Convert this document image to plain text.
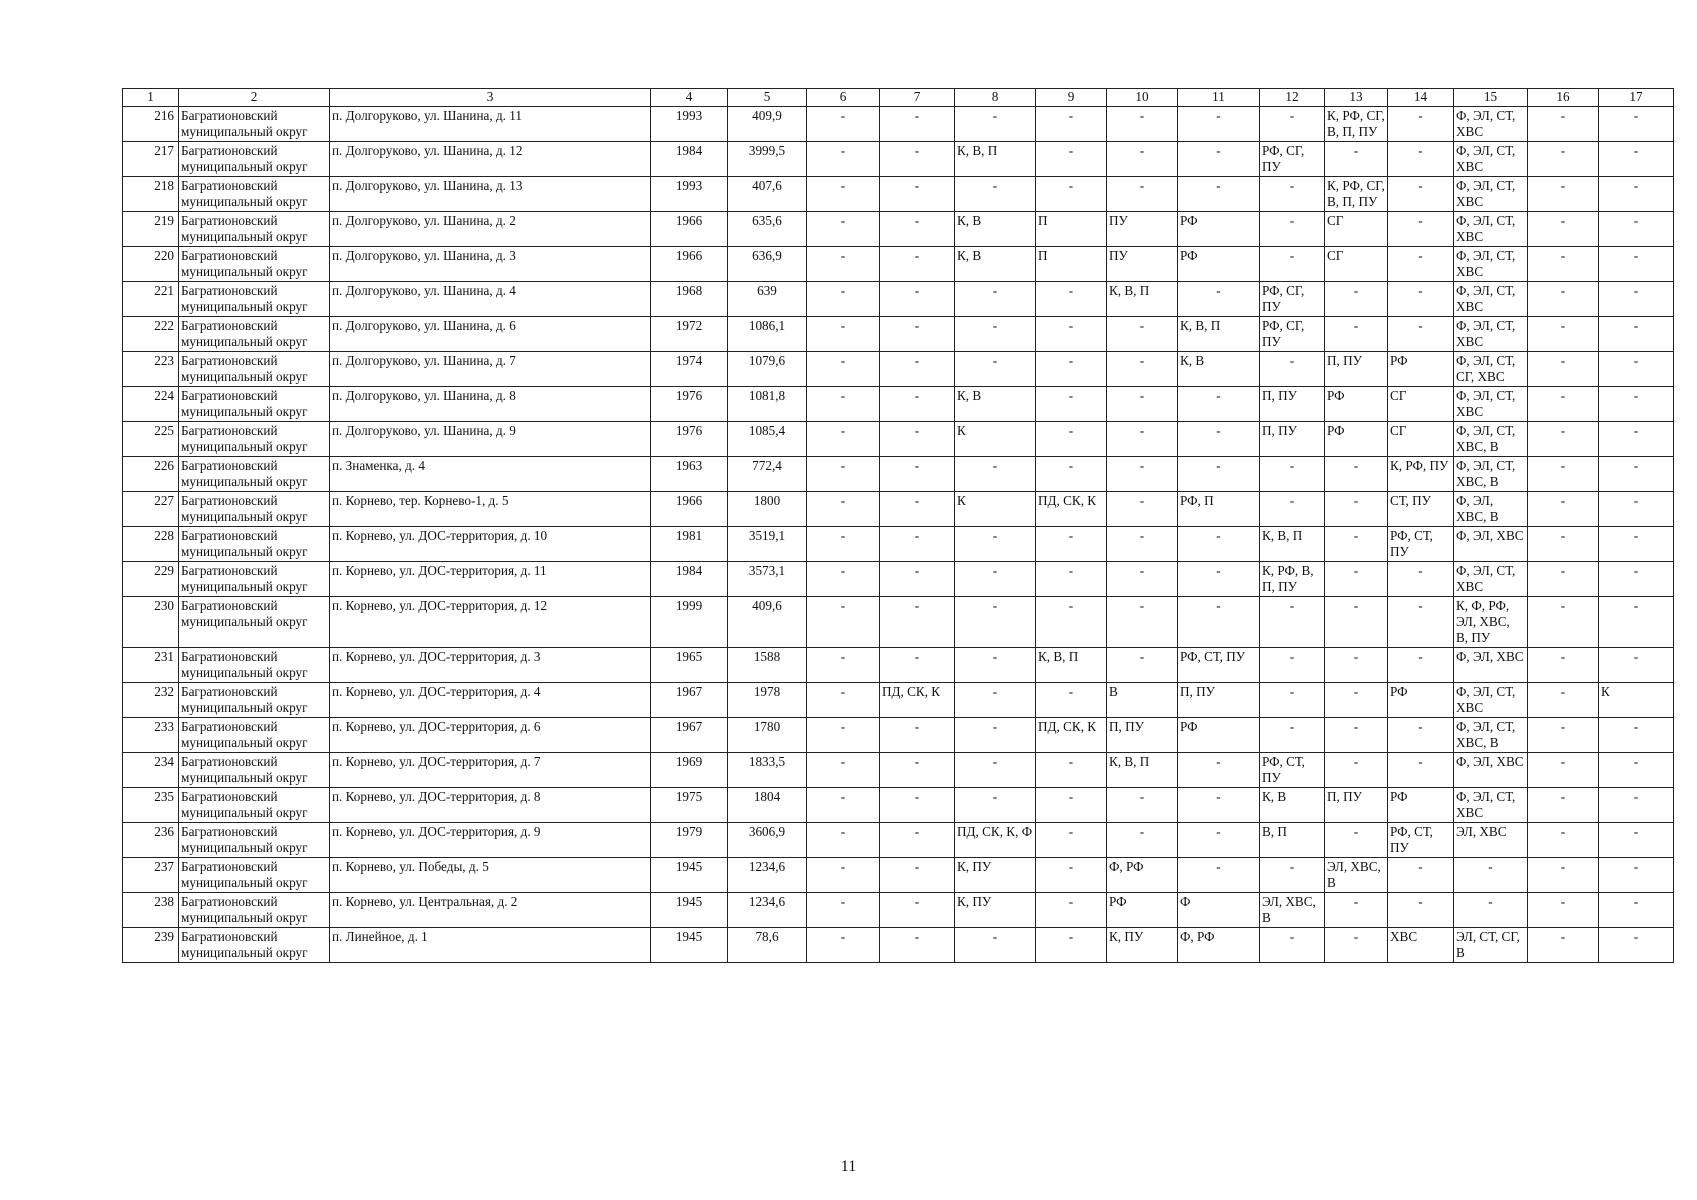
1	2	3	4	5	6	7	8	9	10	11	12	13	14	15	16	17
216	Багратионовский муниципальный округ	п. Долгоруково, ул. Шанина, д. 11	1993	409,9	-	-	-	-	-	-	-	К, РФ, СГ, В, П, ПУ	-	Ф, ЭЛ, СТ, ХВС	-	-
217	Багратионовский муниципальный округ	п. Долгоруково, ул. Шанина, д. 12	1984	3999,5	-	-	К, В, П	-	-	-	РФ, СГ, ПУ	-	-	Ф, ЭЛ, СТ, ХВС	-	-
218	Багратионовский муниципальный округ	п. Долгоруково, ул. Шанина, д. 13	1993	407,6	-	-	-	-	-	-	-	К, РФ, СГ, В, П, ПУ	-	Ф, ЭЛ, СТ, ХВС	-	-
219	Багратионовский муниципальный округ	п. Долгоруково, ул. Шанина, д. 2	1966	635,6	-	-	К, В	П	ПУ	РФ	-	СГ	-	Ф, ЭЛ, СТ, ХВС	-	-
220	Багратионовский муниципальный округ	п. Долгоруково, ул. Шанина, д. 3	1966	636,9	-	-	К, В	П	ПУ	РФ	-	СГ	-	Ф, ЭЛ, СТ, ХВС	-	-
221	Багратионовский муниципальный округ	п. Долгоруково, ул. Шанина, д. 4	1968	639	-	-	-	-	К, В, П	-	РФ, СГ, ПУ	-	-	Ф, ЭЛ, СТ, ХВС	-	-
222	Багратионовский муниципальный округ	п. Долгоруково, ул. Шанина, д. 6	1972	1086,1	-	-	-	-	-	К, В, П	РФ, СГ, ПУ	-	-	Ф, ЭЛ, СТ, ХВС	-	-
223	Багратионовский муниципальный округ	п. Долгоруково, ул. Шанина, д. 7	1974	1079,6	-	-	-	-	-	К, В	-	П, ПУ	РФ	Ф, ЭЛ, СТ, СГ, ХВС	-	-
224	Багратионовский муниципальный округ	п. Долгоруково, ул. Шанина, д. 8	1976	1081,8	-	-	К, В	-	-	-	П, ПУ	РФ	СГ	Ф, ЭЛ, СТ, ХВС	-	-
225	Багратионовский муниципальный округ	п. Долгоруково, ул. Шанина, д. 9	1976	1085,4	-	-	К	-	-	-	П, ПУ	РФ	СГ	Ф, ЭЛ, СТ, ХВС, В	-	-
226	Багратионовский муниципальный округ	п. Знаменка, д. 4	1963	772,4	-	-	-	-	-	-	-	-	К, РФ, ПУ	Ф, ЭЛ, СТ, ХВС, В	-	-
227	Багратионовский муниципальный округ	п. Корнево, тер. Корнево-1, д. 5	1966	1800	-	-	К	ПД, СК, К	-	РФ, П	-	-	СТ, ПУ	Ф, ЭЛ, ХВС, В	-	-
228	Багратионовский муниципальный округ	п. Корнево, ул. ДОС-территория, д. 10	1981	3519,1	-	-	-	-	-	-	К, В, П	-	РФ, СТ, ПУ	Ф, ЭЛ, ХВС	-	-
229	Багратионовский муниципальный округ	п. Корнево, ул. ДОС-территория, д. 11	1984	3573,1	-	-	-	-	-	-	К, РФ, В, П, ПУ	-	-	Ф, ЭЛ, СТ, ХВС	-	-
230	Багратионовский муниципальный округ	п. Корнево, ул. ДОС-территория, д. 12	1999	409,6	-	-	-	-	-	-	-	-	-	К, Ф, РФ, ЭЛ, ХВС, В, ПУ	-	-
231	Багратионовский муниципальный округ	п. Корнево, ул. ДОС-территория, д. 3	1965	1588	-	-	-	К, В, П	-	РФ, СТ, ПУ	-	-	-	Ф, ЭЛ, ХВС	-	-
232	Багратионовский муниципальный округ	п. Корнево, ул. ДОС-территория, д. 4	1967	1978	-	ПД, СК, К	-	-	В	П, ПУ	-	-	РФ	Ф, ЭЛ, СТ, ХВС	-	К
233	Багратионовский муниципальный округ	п. Корнево, ул. ДОС-территория, д. 6	1967	1780	-	-	-	ПД, СК, К	П, ПУ	РФ	-	-	-	Ф, ЭЛ, СТ, ХВС, В	-	-
234	Багратионовский муниципальный округ	п. Корнево, ул. ДОС-территория, д. 7	1969	1833,5	-	-	-	-	К, В, П	-	РФ, СТ, ПУ	-	-	Ф, ЭЛ, ХВС	-	-
235	Багратионовский муниципальный округ	п. Корнево, ул. ДОС-территория, д. 8	1975	1804	-	-	-	-	-	-	К, В	П, ПУ	РФ	Ф, ЭЛ, СТ, ХВС	-	-
236	Багратионовский муниципальный округ	п. Корнево, ул. ДОС-территория, д. 9	1979	3606,9	-	-	ПД, СК, К, Ф	-	-	-	В, П	-	РФ, СТ, ПУ	ЭЛ, ХВС	-	-
237	Багратионовский муниципальный округ	п. Корнево, ул. Победы, д. 5	1945	1234,6	-	-	К, ПУ	-	Ф, РФ	-	-	ЭЛ, ХВС, В	-	-	-	-
238	Багратионовский муниципальный округ	п. Корнево, ул. Центральная, д. 2	1945	1234,6	-	-	К, ПУ	-	РФ	Ф	ЭЛ, ХВС, В	-	-	-	-	-
239	Багратионовский муниципальный округ	п. Линейное, д. 1	1945	78,6	-	-	-	-	К, ПУ	Ф, РФ	-	-	ХВС	ЭЛ, СТ, СГ, В	-	-
11
